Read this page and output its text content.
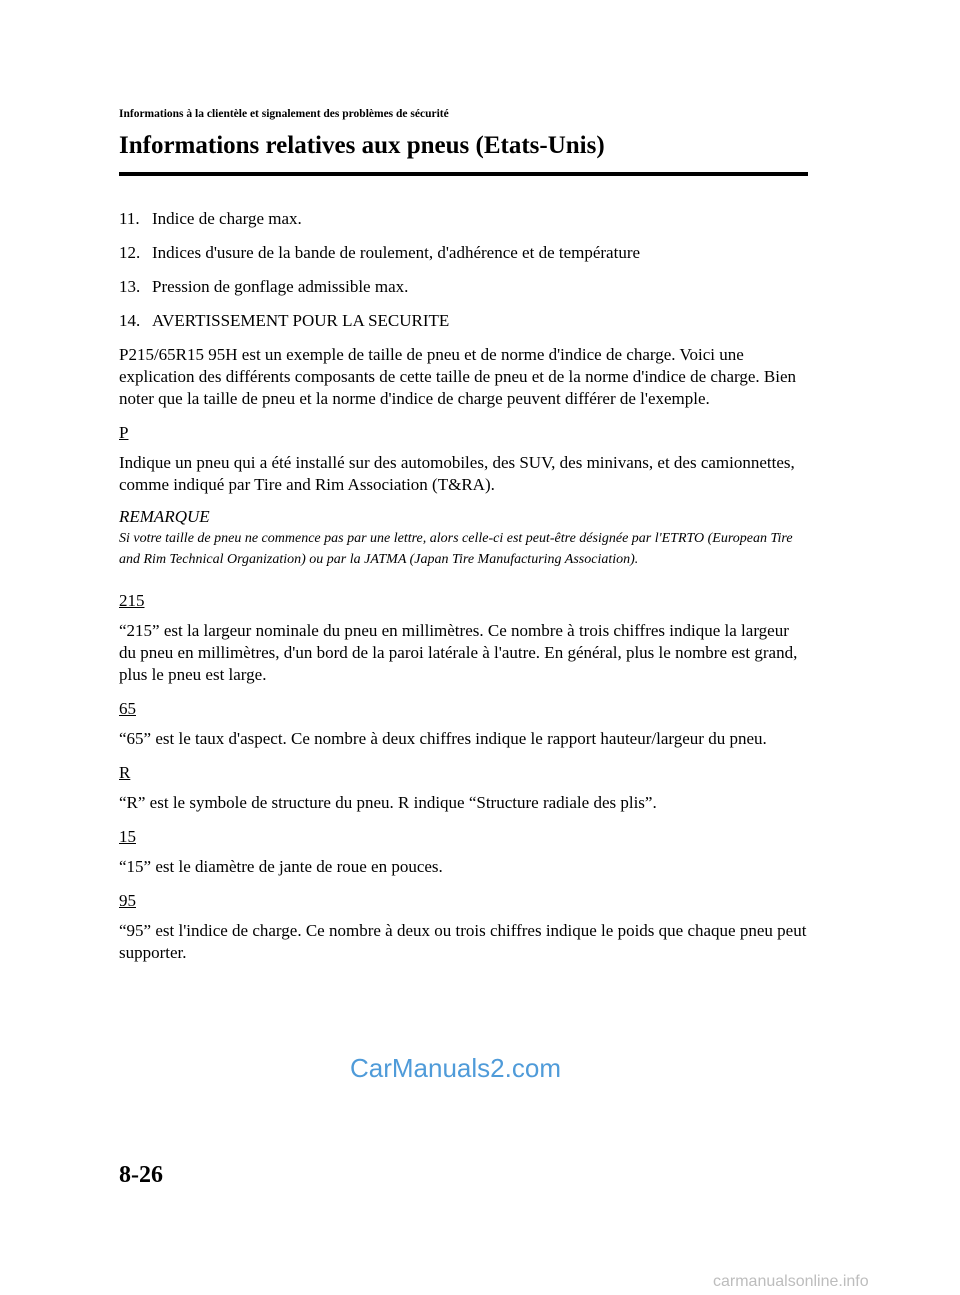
Informations à la clientèle et signalement des problèmes de sécurité
Informations relatives aux pneus (Etats-Unis)
11. Indice de charge max.
12. Indices d'usure de la bande de roulement, d'adhérence et de température
13. Pression de gonflage admissible max.
14. AVERTISSEMENT POUR LA SECURITE
P215/65R15 95H est un exemple de taille de pneu et de norme d'indice de charge. Voici une explication des différents composants de cette taille de pneu et de la norme d'indice de charge. Bien noter que la taille de pneu et la norme d'indice de charge peuvent différer de l'exemple.
P
Indique un pneu qui a été installé sur des automobiles, des SUV, des minivans, et des camionnettes, comme indiqué par Tire and Rim Association (T&RA).
REMARQUE
Si votre taille de pneu ne commence pas par une lettre, alors celle-ci est peut-être désignée par l'ETRTO (European Tire and Rim Technical Organization) ou par la JATMA (Japan Tire Manufacturing Association).
215
“215” est la largeur nominale du pneu en millimètres. Ce nombre à trois chiffres indique la largeur du pneu en millimètres, d'un bord de la paroi latérale à l'autre. En général, plus le nombre est grand, plus le pneu est large.
65
“65” est le taux d'aspect. Ce nombre à deux chiffres indique le rapport hauteur/largeur du pneu.
R
“R” est le symbole de structure du pneu. R indique “Structure radiale des plis”.
15
“15” est le diamètre de jante de roue en pouces.
95
“95” est l'indice de charge. Ce nombre à deux ou trois chiffres indique le poids que chaque pneu peut supporter.
CarManuals2.com
8-26
carmanualsonline.info
